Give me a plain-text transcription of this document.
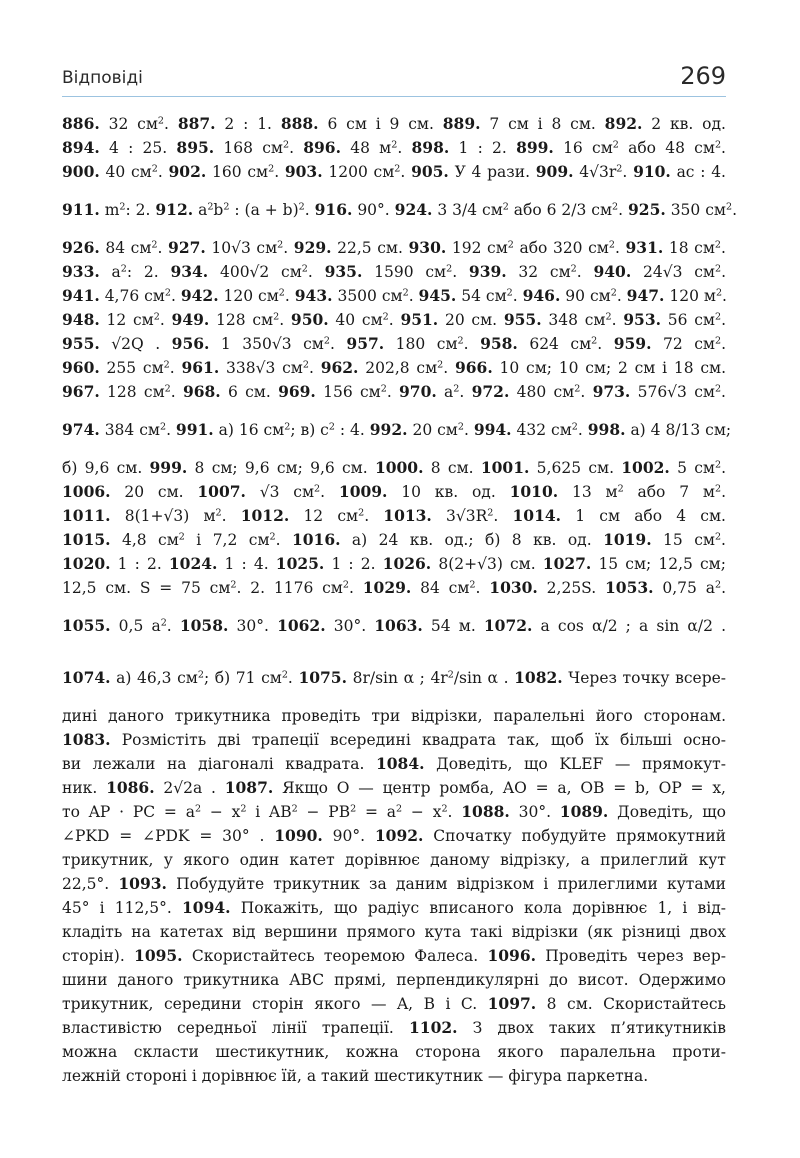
Відповіді	269
886. 32 $см^2$. 887. 2 : 1. 888. 6 см і 9 см. 889. 7 см і 8 см. 892. 2 кв. од.
894. 4 : 25. 895. 168 $см^2$. 896. 48 $м^2$. 898. 1 : 2. 899. 16 $см^2$ або 48 $см^2$.
900. 40 $см^2$. 902. 160 $см^2$. 903. 1200 $см^2$. 905. У 4 рази. 909. $4√3r^2$. 910. ac : 4.
911. $m^2$: 2. 912. $a^2b^2$ : $(a + b)^2$. 916. 90°. 924. 3 3/4 $см^2$ або 6 2/3 $см^2$. 925. 350 $см^2$.
926. 84 $см^2$. 927. 10√3 $см^2$. 929. 22,5 см. 930. 192 $см^2$ або 320 $см^2$. 931. 18 $см^2$.
933. $a^2$: 2. 934. 400√2 $см^2$. 935. 1590 $см^2$. 939. 32 $см^2$. 940. 24√3 $см^2$.
941. 4,76 $см^2$. 942. 120 $см^2$. 943. 3500 $см^2$. 945. 54 $см^2$. 946. 90 $см^2$. 947. 120 $м^2$.
948. 12 $см^2$. 949. 128 $см^2$. 950. 40 $см^2$. 951. 20 см. 955. 348 $см^2$. 953. 56 $см^2$.
955. √2Q . 956. 1 350√3 $см^2$. 957. 180 $см^2$. 958. 624 $см^2$. 959. 72 $см^2$.
960. 255 $см^2$. 961. 338√3 $см^2$. 962. 202,8 $см^2$. 966. 10 см; 10 см; 2 см і 18 см.
967. 128 $см^2$. 968. 6 см. 969. 156 $см^2$. 970. $a^2$. 972. 480 $см^2$. 973. 576√3 $см^2$.
974. 384 $см^2$. 991. а) 16 $см^2$; в) $c^2$ : 4. 992. 20 $см^2$. 994. 432 $см^2$. 998. а) 4 8/13 см;
б) 9,6 см. 999. 8 см; 9,6 см; 9,6 см. 1000. 8 см. 1001. 5,625 см. 1002. 5 $см^2$.
1006. 20 см. 1007. √3 $см^2$. 1009. 10 кв. од. 1010. 13 $м^2$ або 7 $м^2$.
1011. 8(1+√3) $м^2$. 1012. 12 $см^2$. 1013. $3√3R^2$. 1014. 1 см або 4 см.
1015. 4,8 $см^2$ і 7,2 $см^2$. 1016. а) 24 кв. од.; б) 8 кв. од. 1019. 15 $см^2$.
1020. 1 : 2. 1024. 1 : 4. 1025. 1 : 2. 1026. 8(2+√3) см. 1027. 15 см; 12,5 см;
12,5 см. S = 75 $см^2$. 2. 1176 $см^2$. 1029. 84 $см^2$. 1030. 2,25S. 1053. 0,75 $a^2$.
1055. 0,5 $a^2$. 1058. 30°. 1062. 30°. 1063. 54 м. 1072. a cos α/2 ; a sin α/2 .
1074. а) 46,3 $см^2$; б) 71 $см^2$. 1075. 8r/sin α ; $4r^2/\sin$ α . 1082. Через точку всере-
дині даного трикутника проведіть три відрізки, паралельні його сторонам.
1083. Розмістіть дві трапеції всередині квадрата так, щоб їх більші осно-
ви лежали на діагоналі квадрата. 1084. Доведіть, що KLEF — прямокут-
ник. 1086. 2√2a . 1087. Якщо O — центр ромба, AO = a, OB = b, OP = x,
то AP · PC = $a^2 - x^2$ і $AB^2 - PB^2 = a^2 - x^2$. 1088. 30°. 1089. Доведіть, що
∠PKD = ∠PDK = 30° . 1090. 90°. 1092. Спочатку побудуйте прямокутний
трикутник, у якого один катет дорівнює даному відрізку, а прилеглий кут
22,5°. 1093. Побудуйте трикутник за даним відрізком і прилеглими кутами
45° і 112,5°. 1094. Покажіть, що радіус вписаного кола дорівнює 1, і від-
кладіть на катетах від вершини прямого кута такі відрізки (як різниці двох
сторін). 1095. Скористайтесь теоремою Фалеса. 1096. Проведіть через вер-
шини даного трикутника ABC прямі, перпендикулярні до висот. Одержимо
трикутник, середини сторін якого — A, B і C. 1097. 8 см. Скористайтесь
властивістю середньої лінії трапеції. 1102. З двох таких п’ятикутників
можна скласти шестикутник, кожна сторона якого паралельна проти-
лежній стороні і дорівнює їй, а такий шестикутник — фігура паркетна.
